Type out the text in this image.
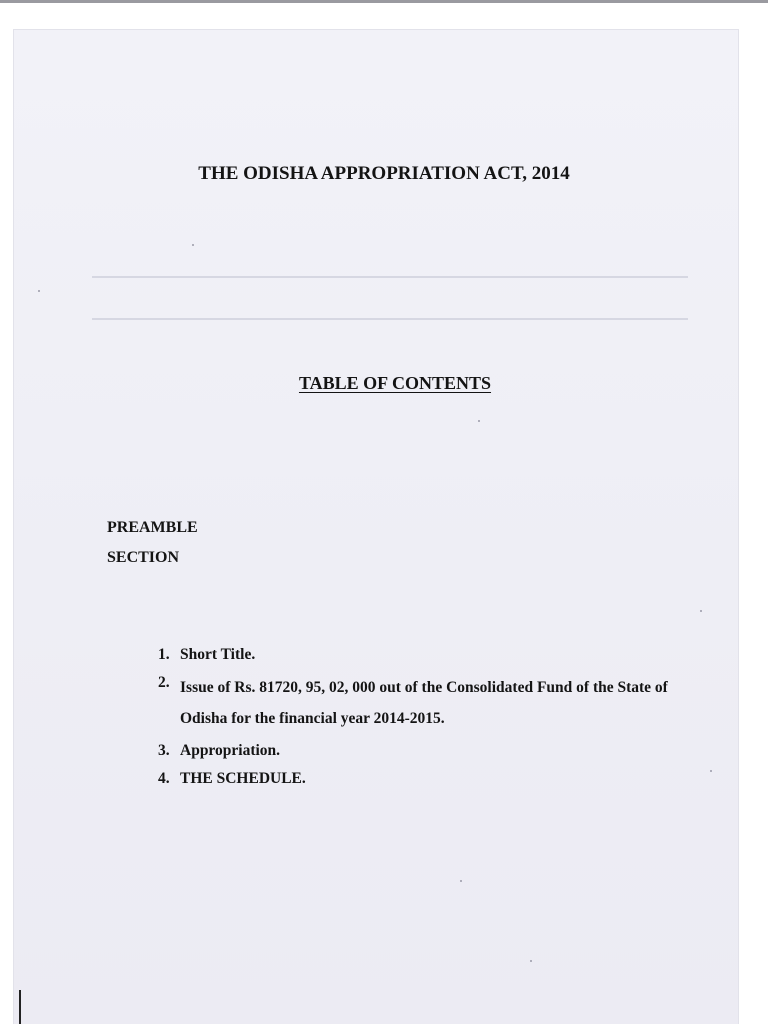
THE ODISHA APPROPRIATION ACT, 2014
TABLE OF CONTENTS
PREAMBLE
SECTION
1. Short Title.
2. Issue of Rs. 81720, 95, 02, 000 out of the Consolidated Fund of the State of Odisha for the financial year 2014-2015.
3. Appropriation.
4. THE SCHEDULE.
